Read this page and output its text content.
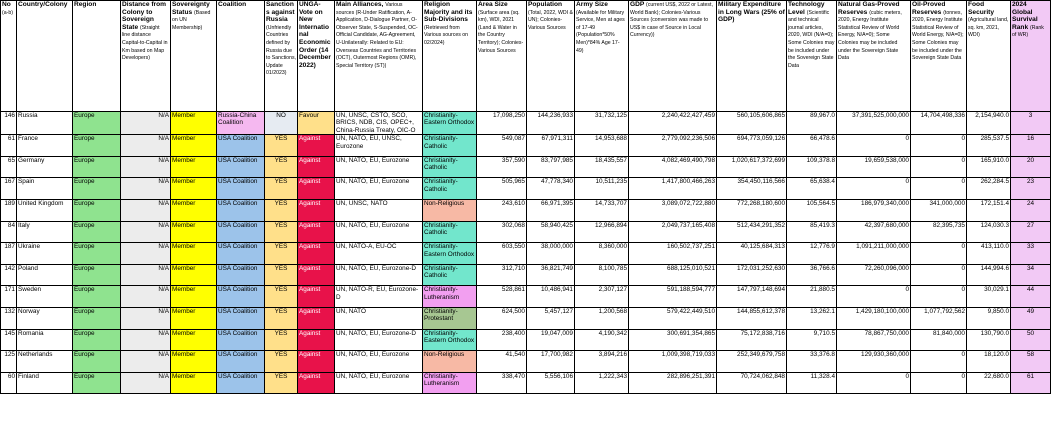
No (a-b)	Country/Colony	Region	Distance from Colony to Sovereign State (Straight line distance Capital-to-Capital in Km based on Map Developers)	Sovereignty Status (Based on UN Membership)	Coalition	Sanctions against Russia (Unfriendly Countries defined by Russia due to Sanctions, Update 01/2023)	UNGA-Vote on New International Economic Order (14 December 2022)	Main Alliances, Various sources (R-Under Ratification, A-Application, D-Dialogue Partner, O-Observer State, S-Suspended, OC-Official Candidate, AG-Agreement, U-Unilaterally: Related to EU: Overseas Countries and Territories (OCT), Outermost Regions (OMR), Special Territory (ST))	Religion Majority and its Sub-Divisions (Retrieved from Various sources on 02/2024)	Area Size (Surface area (sq. km), WDI, 2021 (Land & Water in the Country Territory); Colonies-Various Sources	Population (Total, 2022, WDI & UN); Colonies-Various Sources	Army Size (Available for Military Service, Men at ages of 17-49 (Population*50% Men)*84% Age 17-49)	GDP (current US$, 2022 or Latest, World Bank); Colonies-Various Sources (conversion was made to US$ in case of Source in Local Currency))	Military Expenditure in Long Wars (25% of GDP)	Technology Level (Scientific and technical journal articles, 2020, WDI (N/A=0); Some Colonies may be included under the Sovereign State Data	Natural Gas-Proved Reserves (cubic meters, 2020, Energy Institute Statistical Review of World Energy, N/A=0); Some Colonies may be included under the Sovereign State Data	Oil-Proved Reserves (tonnes, 2020, Energy Institute Statistical Review of World Energy, N/A=0); Some Colonies may be included under the Sovereign State Data	Food Security (Agricultural land, sq. km, 2021, WDI)	2024 Global Survival Rank (Rank of WR)
146	Russia	Europe	N/A	Member	Russia-China Coalition	NO	Favour	UN, UNSC, CSTO, SCO, BRICS, NDB, CIS, OPEC+, China-Russia Treaty, OIC-O	Christianity-Eastern Orthodox	17,098,250	144,236,933	31,732,125	2,240,422,427,459	560,105,606,865	89,967.0	37,391,525,000,000	14,704,498,336	2,154,940.0	3
61	France	Europe	N/A	Member	USA Coalition	YES	Against	UN, NATO, EU, UNSC, Eurozone	Christianity-Catholic	549,087	67,971,311	14,953,688	2,779,092,236,506	694,773,059,126	66,478.6	0	0	285,537.5	16
65	Germany	Europe	N/A	Member	USA Coalition	YES	Against	UN, NATO, EU, Eurozone	Christianity-Catholic	357,590	83,797,985	18,435,557	4,082,469,490,798	1,020,617,372,699	109,378.8	19,659,538,000	0	165,910.0	20
167	Spain	Europe	N/A	Member	USA Coalition	YES	Against	UN, NATO, EU, Eurozone	Christianity-Catholic	505,965	47,778,340	10,511,235	1,417,800,466,263	354,450,116,566	65,638.4	0	0	262,284.5	23
189	United Kingdom	Europe	N/A	Member	USA Coalition	YES	Against	UN, UNSC, NATO	Non-Religious	243,610	66,971,395	14,733,707	3,089,072,722,880	772,268,180,600	105,564.5	186,979,340,000	341,000,000	172,151.4	24
84	Italy	Europe	N/A	Member	USA Coalition	YES	Against	UN, NATO, EU, Eurozone	Christianity-Catholic	302,068	58,940,425	12,966,894	2,049,737,165,408	512,434,291,352	85,419.3	42,397,680,000	82,395,735	124,030.3	27
187	Ukraine	Europe	N/A	Member	USA Coalition	YES	Against	UN, NATO-A, EU-OC	Christianity-Eastern Orthodox	603,550	38,000,000	8,360,000	160,502,737,251	40,125,684,313	12,776.9	1,091,211,000,000	0	413,110.0	33
142	Poland	Europe	N/A	Member	USA Coalition	YES	Against	UN, NATO, EU, Eurozone-D	Christianity-Catholic	312,710	36,821,749	8,100,785	688,125,010,521	172,031,252,630	36,766.6	72,260,096,000	0	144,994.6	34
171	Sweden	Europe	N/A	Member	USA Coalition	YES	Against	UN, NATO-R, EU, Eurozone-D	Christianity-Lutheranism	528,861	10,486,941	2,307,127	591,188,594,777	147,797,148,694	21,880.5	0	0	30,029.1	44
132	Norway	Europe	N/A	Member	USA Coalition	YES	Against	UN, NATO	Christianity-Protestant	624,500	5,457,127	1,200,568	579,422,449,510	144,855,612,378	13,262.1	1,429,180,100,000	1,077,792,562	9,850.0	49
145	Romania	Europe	N/A	Member	USA Coalition	YES	Against	UN, NATO, EU, Eurozone-D	Christianity-Eastern Orthodox	238,400	19,047,009	4,190,342	300,691,354,865	75,172,838,716	9,710.5	78,867,750,000	81,840,000	130,790.0	50
125	Netherlands	Europe	N/A	Member	USA Coalition	YES	Against	UN, NATO, EU, Eurozone	Non-Religious	41,540	17,700,982	3,894,216	1,009,398,719,033	252,349,679,758	33,376.8	129,930,360,000	0	18,120.0	58
60	Finland	Europe	N/A	Member	USA Coalition	YES	Against	UN, NATO, EU, Eurozone	Christianity-Lutheranism	338,470	5,556,106	1,222,343	282,896,251,391	70,724,062,848	11,328.4	0	0	22,680.0	61
